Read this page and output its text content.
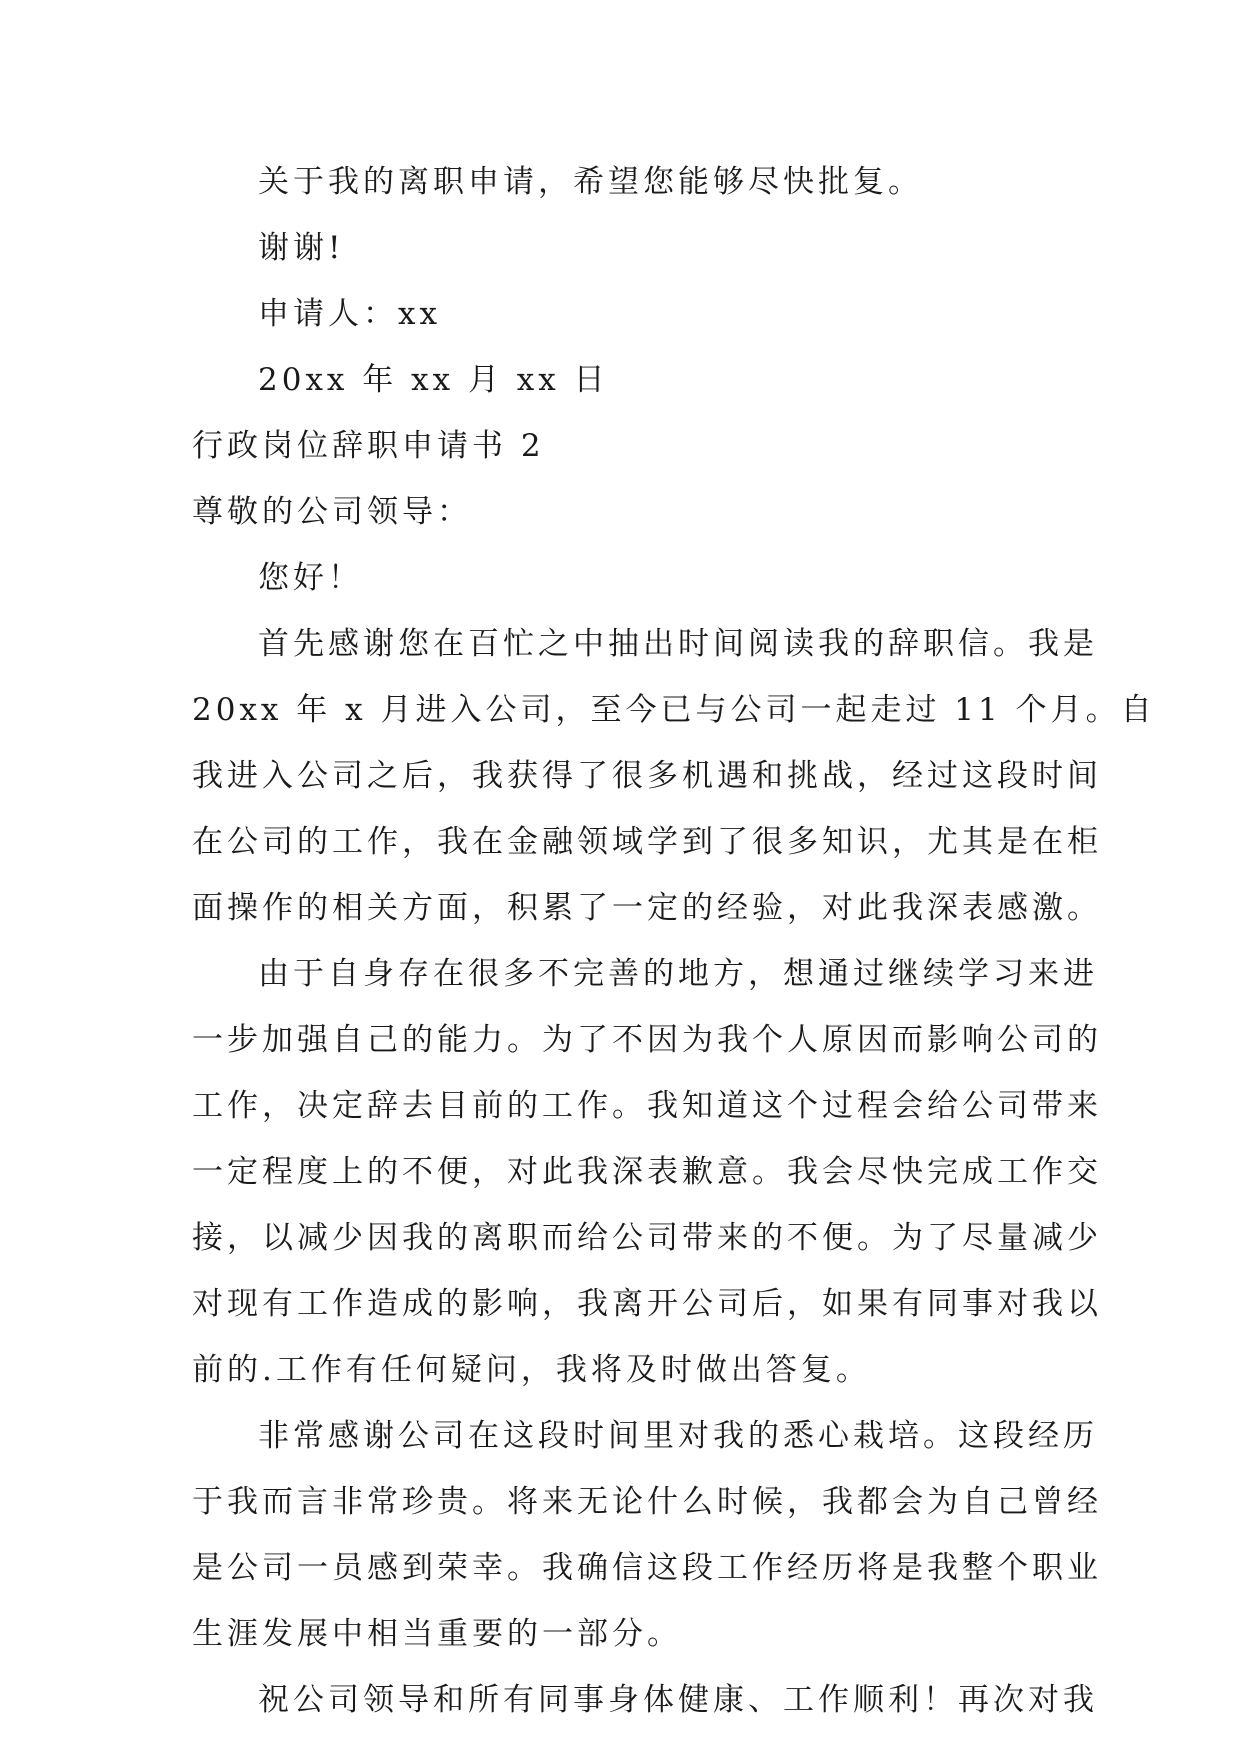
关于我的离职申请，希望您能够尽快批复。

谢谢!

申请人：xx

20xx 年 xx 月 xx 日

行政岗位辞职申请书 2

尊敬的公司领导：

您好！

首先感谢您在百忙之中抽出时间阅读我的辞职信。我是

20xx 年 x 月进入公司，至今已与公司一起走过 11 个月。自

我进入公司之后，我获得了很多机遇和挑战，经过这段时间

在公司的工作，我在金融领域学到了很多知识，尤其是在柜

面操作的相关方面，积累了一定的经验，对此我深表感激。

由于自身存在很多不完善的地方，想通过继续学习来进

一步加强自己的能力。为了不因为我个人原因而影响公司的

工作，决定辞去目前的工作。我知道这个过程会给公司带来

一定程度上的不便，对此我深表歉意。我会尽快完成工作交

接，以减少因我的离职而给公司带来的不便。为了尽量减少

对现有工作造成的影响，我离开公司后，如果有同事对我以

前的.工作有任何疑问，我将及时做出答复。

非常感谢公司在这段时间里对我的悉心栽培。这段经历

于我而言非常珍贵。将来无论什么时候，我都会为自己曾经

是公司一员感到荣幸。我确信这段工作经历将是我整个职业

生涯发展中相当重要的一部分。

祝公司领导和所有同事身体健康、工作顺利！再次对我
